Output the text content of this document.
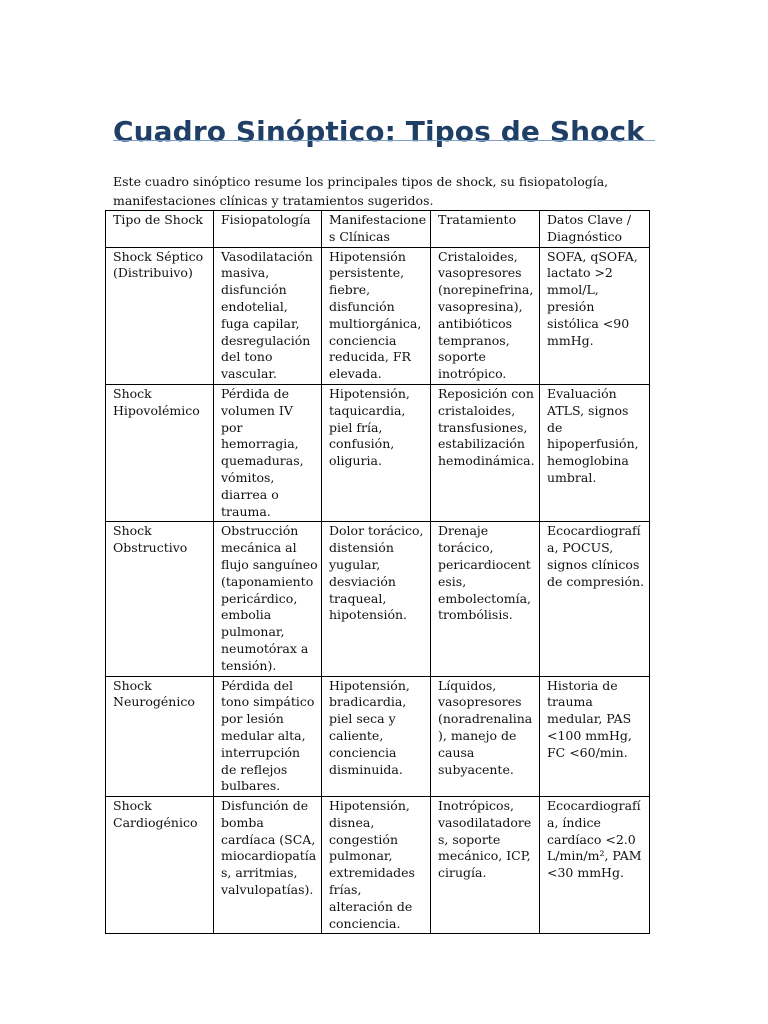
Cuadro Sinóptico: Tipos de Shock

Este cuadro sinóptico resume los principales tipos de shock, su fisiopatología, manifestaciones clínicas y tratamientos sugeridos.

Tipo de Shock	Fisiopatología	Manifestaciones Clínicas	Tratamiento	Datos Clave / Diagnóstico
Shock Séptico (Distribuivo)	Vasodilatación masiva, disfunción endotelial, fuga capilar, desregulación del tono vascular.	Hipotensión persistente, fiebre, disfunción multiorgánica, conciencia reducida, FR elevada.	Cristaloides, vasopresores (norepinefrina, vasopresina), antibióticos tempranos, soporte inotrópico.	SOFA, qSOFA, lactato >2 mmol/L, presión sistólica <90 mmHg.
Shock Hipovolémico	Pérdida de volumen IV por hemorragia, quemaduras, vómitos, diarrea o trauma.	Hipotensión, taquicardia, piel fría, confusión, oliguria.	Reposición con cristaloides, transfusiones, estabilización hemodinámica.	Evaluación ATLS, signos de hipoperfusión, hemoglobina umbral.
Shock Obstructivo	Obstrucción mecánica al flujo sanguíneo (taponamiento pericárdico, embolia pulmonar, neumotórax a tensión).	Dolor torácico, distensión yugular, desviación traqueal, hipotensión.	Drenaje torácico, pericardiocentesis, embolectomía, trombólisis.	Ecocardiografía, POCUS, signos clínicos de compresión.
Shock Neurogénico	Pérdida del tono simpático por lesión medular alta, interrupción de reflejos bulbares.	Hipotensión, bradicardia, piel seca y caliente, conciencia disminuida.	Líquidos, vasopresores (noradrenalina), manejo de causa subyacente.	Historia de trauma medular, PAS <100 mmHg, FC <60/min.
Shock Cardiogénico	Disfunción de bomba cardíaca (SCA, miocardiopatías, arritmias, valvulopatías).	Hipotensión, disnea, congestión pulmonar, extremidades frías, alteración de conciencia.	Inotrópicos, vasodilatadores, soporte mecánico, ICP, cirugía.	Ecocardiografía, índice cardíaco <2.0 L/min/m², PAM <30 mmHg.
